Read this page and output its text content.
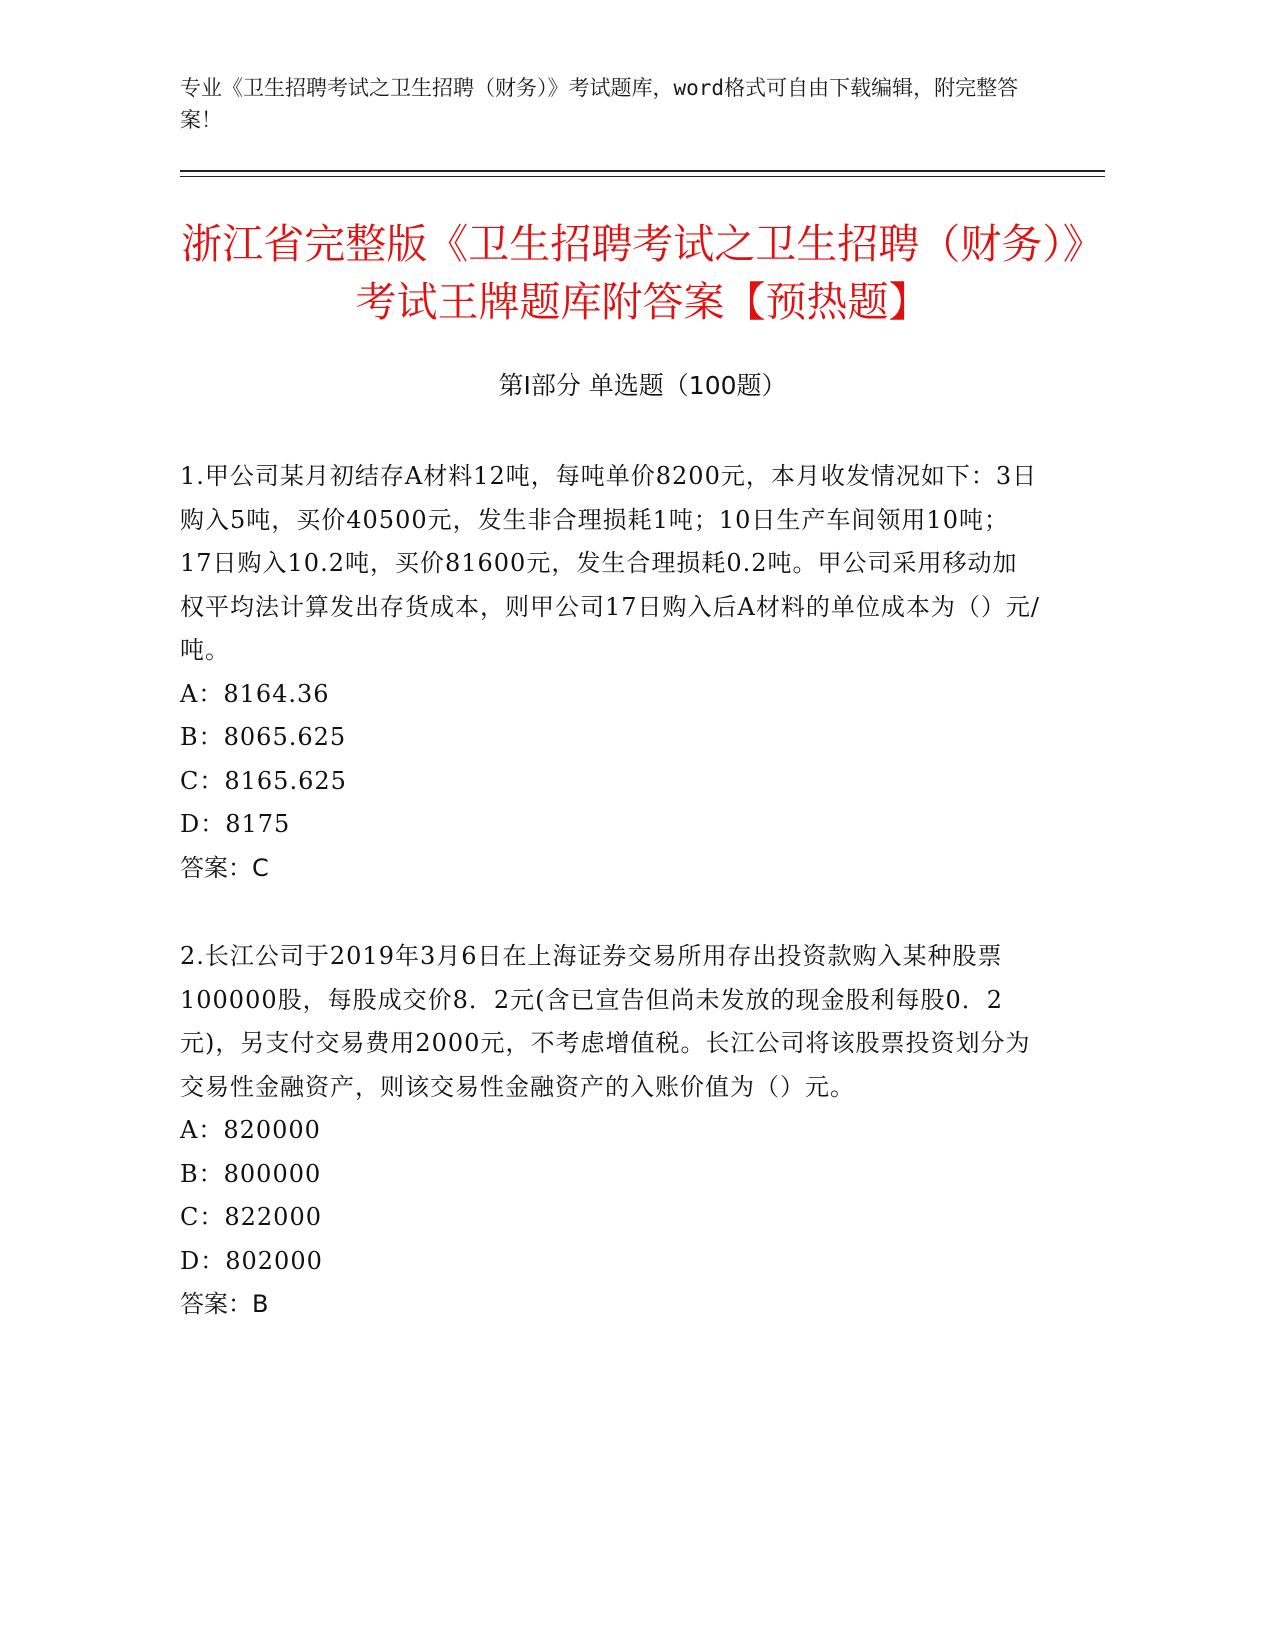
专业《卫生招聘考试之卫生招聘（财务）》考试题库，word格式可自由下载编辑，附完整答案！
浙江省完整版《卫生招聘考试之卫生招聘（财务）》考试王牌题库附答案【预热题】
第I部分 单选题（100题）

1.甲公司某月初结存A材料12吨，每吨单价8200元，本月收发情况如下：3日购入5吨，买价40500元，发生非合理损耗1吨；10日生产车间领用10吨；17日购入10.2吨，买价81600元，发生合理损耗0.2吨。甲公司采用移动加权平均法计算发出存货成本，则甲公司17日购入后A材料的单位成本为（）元/吨。

A：8164.36

B：8065.625

C：8165.625

D：8175

答案：C

2.长江公司于2019年3月6日在上海证券交易所用存出投资款购入某种股票100000股，每股成交价8．2元(含已宣告但尚未发放的现金股利每股0．2元)，另支付交易费用2000元，不考虑增值税。长江公司将该股票投资划分为交易性金融资产，则该交易性金融资产的入账价值为（）元。

A：820000

B：800000

C：822000

D：802000

答案：B
